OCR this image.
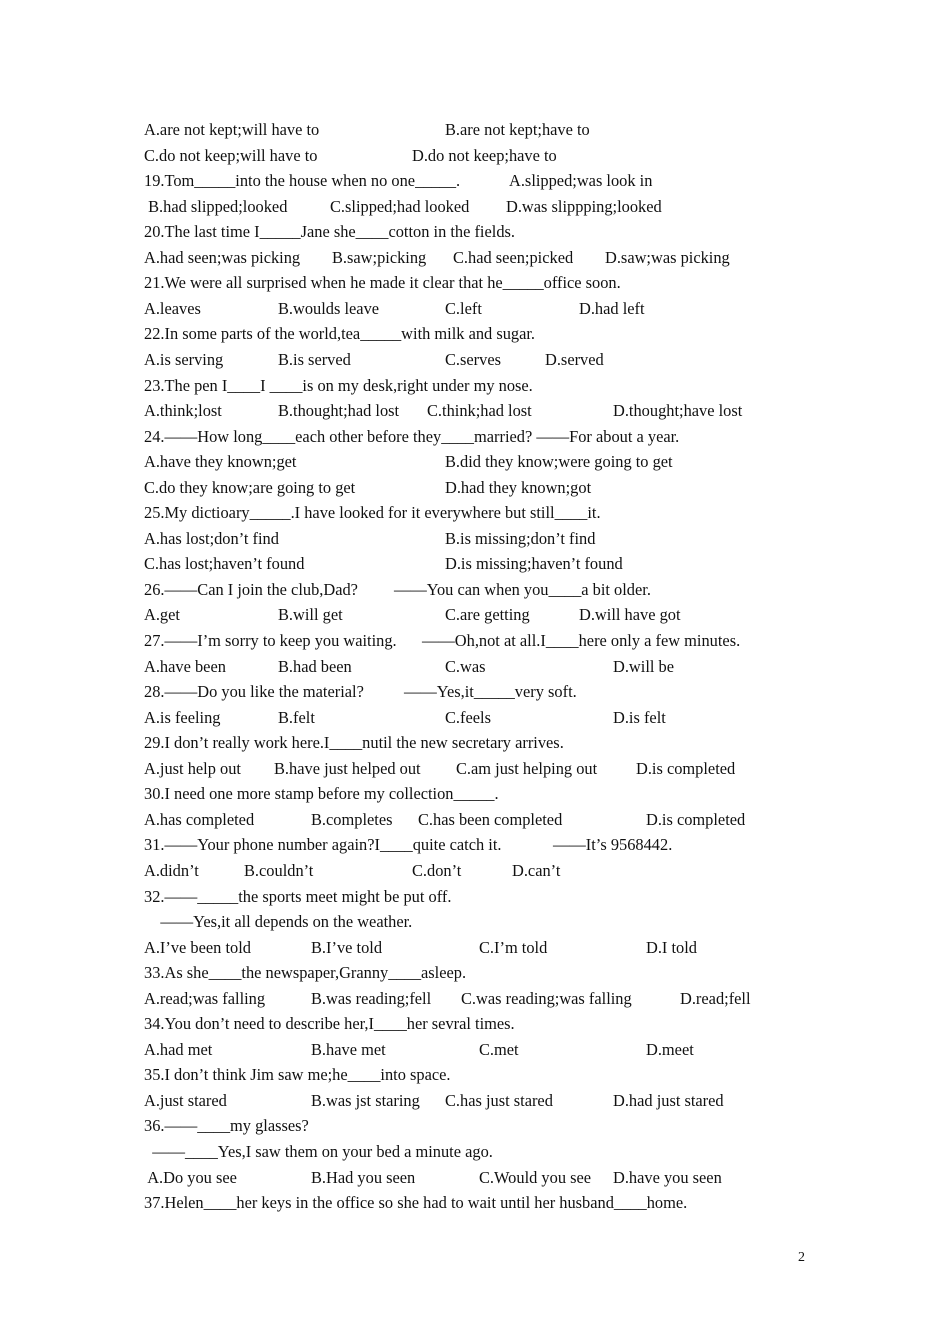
A.are not kept;will have to	B.are not kept;have to
C.do not keep;will have to	D.do not keep;have to
19.Tom_____into the house when no one_____.	A.slipped;was look in
B.had slipped;looked	C.slipped;had looked D.was slippping;looked
20.The last time I_____Jane she____cotton in the fields.
A.had seen;was picking B.saw;picking C.had seen;picked D.saw;was picking
21.We were all surprised when he made it clear that he_____office soon.
A.leaves	B.woulds leave	C.left	D.had left
22.In some parts of the world,tea_____with milk and sugar.
A.is serving	B.is served	C.serves	D.served
23.The pen I____I ____is on my desk,right under my nose.
A.think;lost	B.thought;had lost C.think;had lost	D.thought;have lost
24.——How long____each other before they____married? ——For about a year.
A.have they known;get	B.did they know;were going to get
C.do they know;are going to get	D.had they known;got
25.My dictioary_____.I have looked for it everywhere but still____it.
A.has lost;don’t find	B.is missing;don’t find
C.has lost;haven’t found	D.is missing;haven’t found
26.——Can I join the club,Dad? ——You can when you____a bit older.
A.get	B.will get	C.are getting	D.will have got
27.——I’m sorry to keep you waiting. ——Oh,not at all.I____here only a few minutes.
A.have been	B.had been	C.was	D.will be
28.——Do you like the material? ——Yes,it_____very soft.
A.is feeling	B.felt	C.feels	D.is felt
29.I don’t really work here.I____nutil the new secretary arrives.
A.just help out B.have just helped out C.am just helping out D.is completed
30.I need one more stamp before my collection_____.
A.has completed	B.completes C.has been completed	D.is completed
31.——Your phone number again?I____quite catch it.	——It’s 9568442.
A.didn’t	B.couldn’t	C.don’t	D.can’t
32.——_____the sports meet might be put off.
——Yes,it all depends on the weather.
A.I’ve been told	B.I’ve told	C.I’m told	D.I told
33.As she____the newspaper,Granny____asleep.
A.read;was falling	B.was reading;fell C.was reading;was falling	D.read;fell
34.You don’t need to describe her,I____her sevral times.
A.had met	B.have met	C.met	D.meet
35.I don’t think Jim saw me;he____into space.
A.just stared	B.was jst staring C.has just stared	D.had just stared
36.——____my glasses?
——____Yes,I saw them on your bed a minute ago.
A.Do you see	B.Had you seen	C.Would you see D.have you seen
37.Helen____her keys in the office so she had to wait until her husband____home.
2
